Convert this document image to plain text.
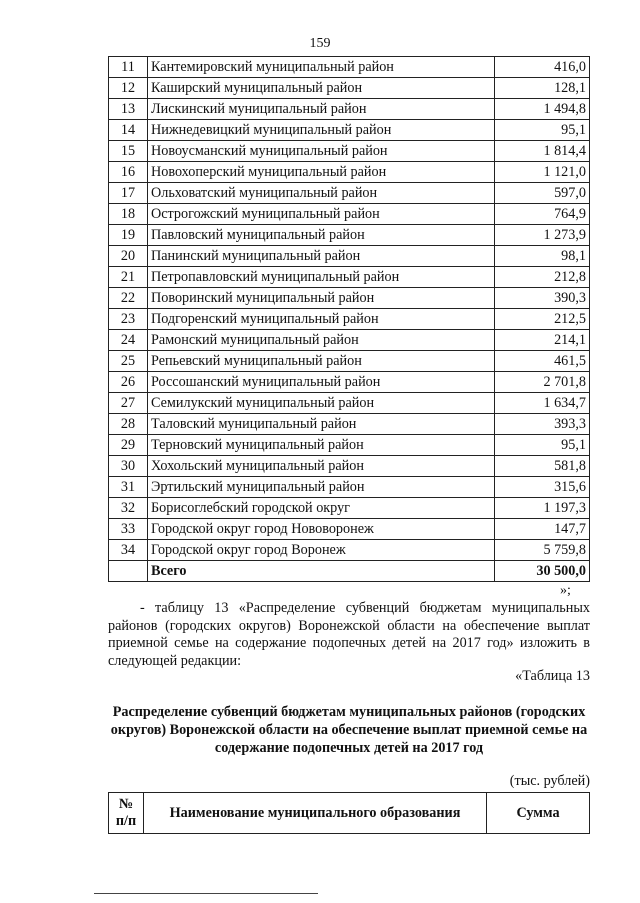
159
11	Кантемировский муниципальный район	416,0
12	Каширский муниципальный район	128,1
13	Лискинский муниципальный район	1 494,8
14	Нижнедевицкий муниципальный район	95,1
15	Новоусманский муниципальный район	1 814,4
16	Новохоперский муниципальный район	1 121,0
17	Ольховатский муниципальный район	597,0
18	Острогожский муниципальный район	764,9
19	Павловский муниципальный район	1 273,9
20	Панинский муниципальный район	98,1
21	Петропавловский муниципальный район	212,8
22	Поворинский муниципальный район	390,3
23	Подгоренский муниципальный район	212,5
24	Рамонский муниципальный район	214,1
25	Репьевский муниципальный район	461,5
26	Россошанский муниципальный район	2 701,8
27	Семилукский муниципальный район	1 634,7
28	Таловский муниципальный район	393,3
29	Терновский муниципальный район	95,1
30	Хохольский муниципальный район	581,8
31	Эртильский муниципальный район	315,6
32	Борисоглебский городской округ	1 197,3
33	Городской округ город Нововоронеж	147,7
34	Городской округ город Воронеж	5 759,8
	Всего	30 500,0
»;
- таблицу 13 «Распределение субвенций бюджетам муниципальных районов (городских округов) Воронежской области на обеспечение выплат приемной семье на содержание подопечных детей на 2017 год» изложить в следующей редакции:
«Таблица 13
Распределение субвенций бюджетам муниципальных районов (городских округов) Воронежской области на обеспечение выплат приемной семье на содержание подопечных детей на 2017 год
(тыс. рублей)
№
п/п	Наименование муниципального образования	Сумма
